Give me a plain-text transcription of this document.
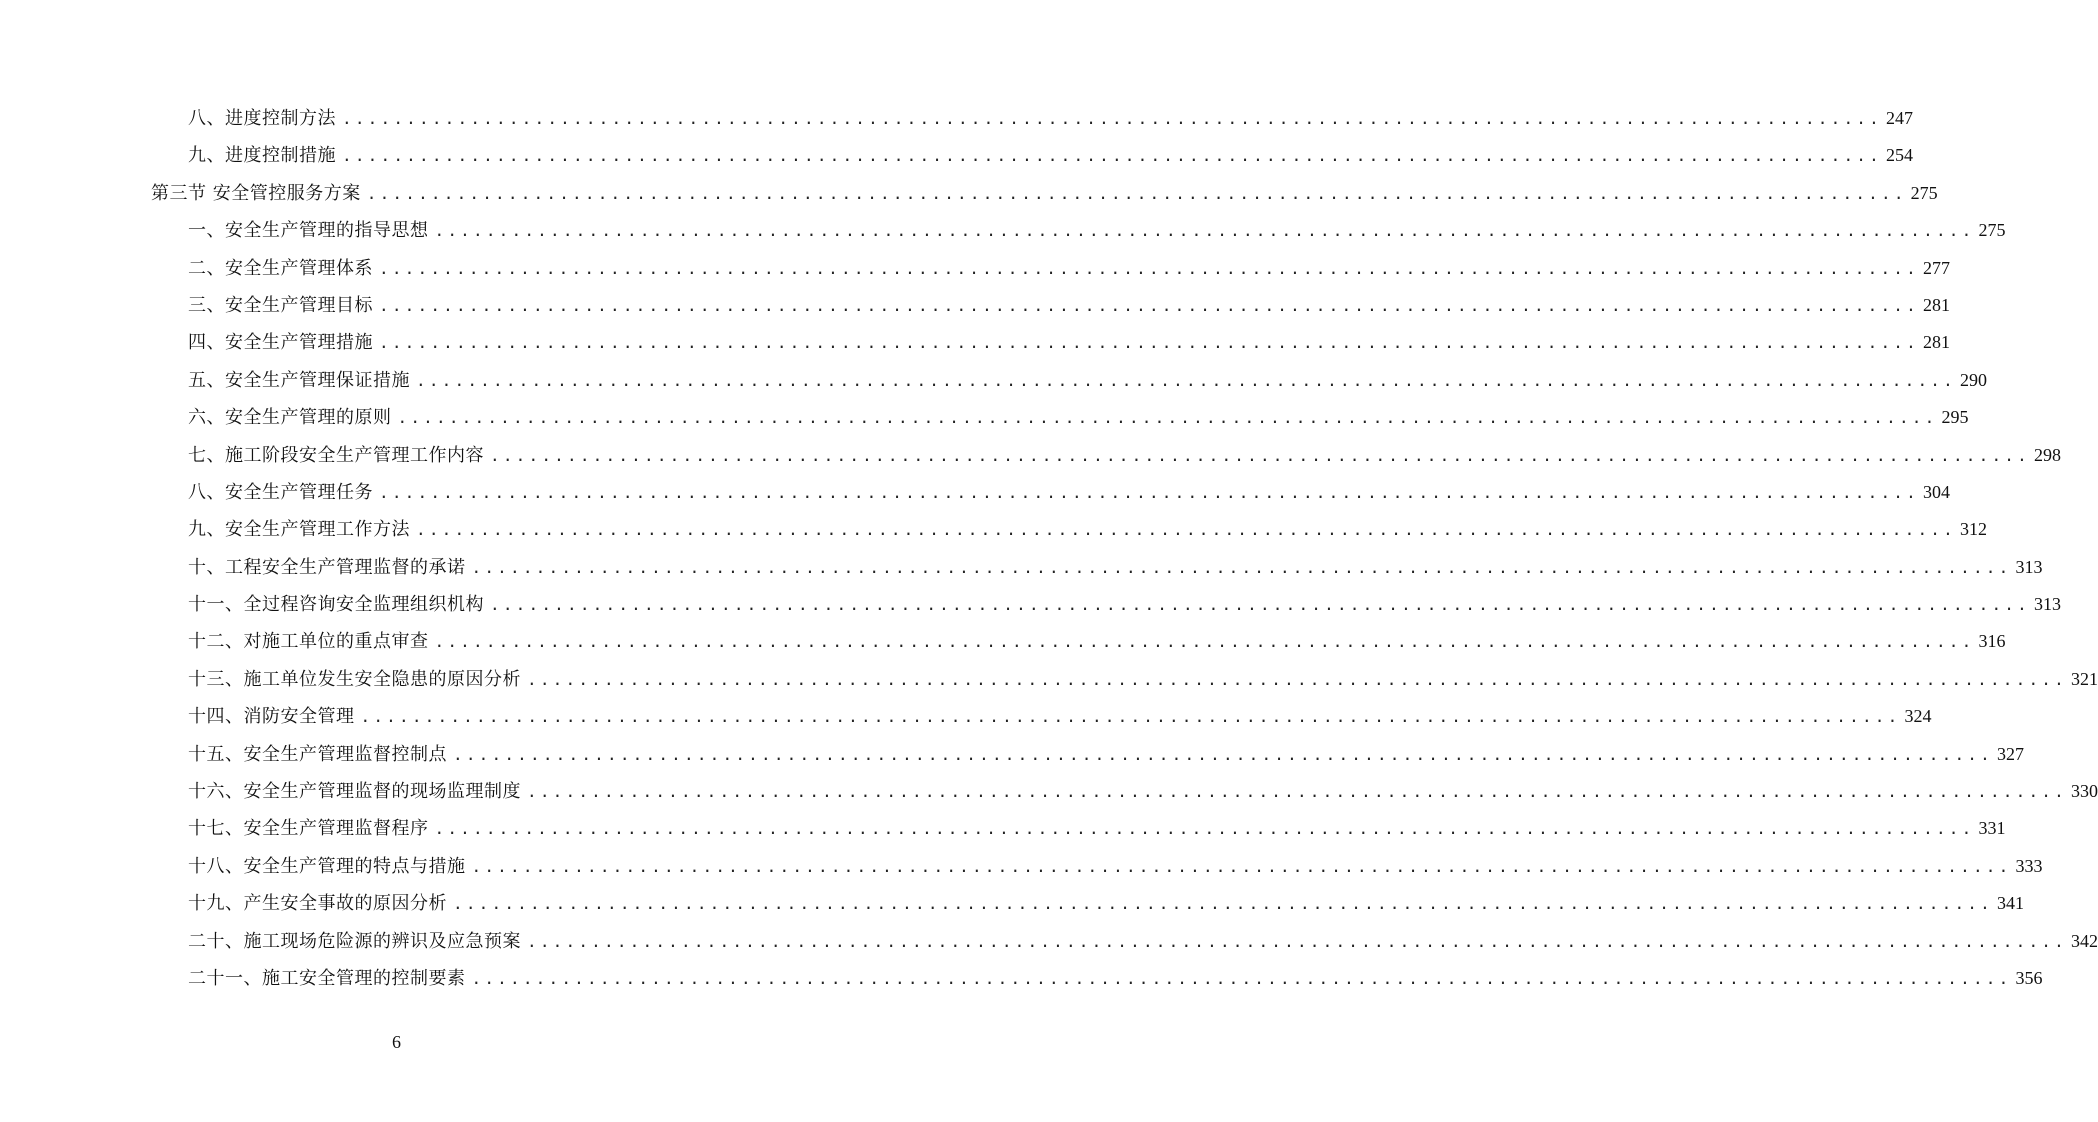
八、进度控制方法 ........................................................................................................................ 247
九、进度控制措施 ........................................................................................................................ 254
第三节 安全管控服务方案 ........................................................................................................................ 275
一、安全生产管理的指导思想 ........................................................................................................................ 275
二、安全生产管理体系 ........................................................................................................................ 277
三、安全生产管理目标 ........................................................................................................................ 281
四、安全生产管理措施 ........................................................................................................................ 281
五、安全生产管理保证措施 ........................................................................................................................ 290
六、安全生产管理的原则 ........................................................................................................................ 295
七、施工阶段安全生产管理工作内容 ........................................................................................................................ 298
八、安全生产管理任务 ........................................................................................................................ 304
九、安全生产管理工作方法 ........................................................................................................................ 312
十、工程安全生产管理监督的承诺 ........................................................................................................................ 313
十一、全过程咨询安全监理组织机构 ........................................................................................................................ 313
十二、对施工单位的重点审查 ........................................................................................................................ 316
十三、施工单位发生安全隐患的原因分析 ........................................................................................................................ 321
十四、消防安全管理 ........................................................................................................................ 324
十五、安全生产管理监督控制点 ........................................................................................................................ 327
十六、安全生产管理监督的现场监理制度 ........................................................................................................................ 330
十七、安全生产管理监督程序 ........................................................................................................................ 331
十八、安全生产管理的特点与措施 ........................................................................................................................ 333
十九、产生安全事故的原因分析 ........................................................................................................................ 341
二十、施工现场危险源的辨识及应急预案 ........................................................................................................................ 342
二十一、施工安全管理的控制要素 ........................................................................................................................ 356
6
